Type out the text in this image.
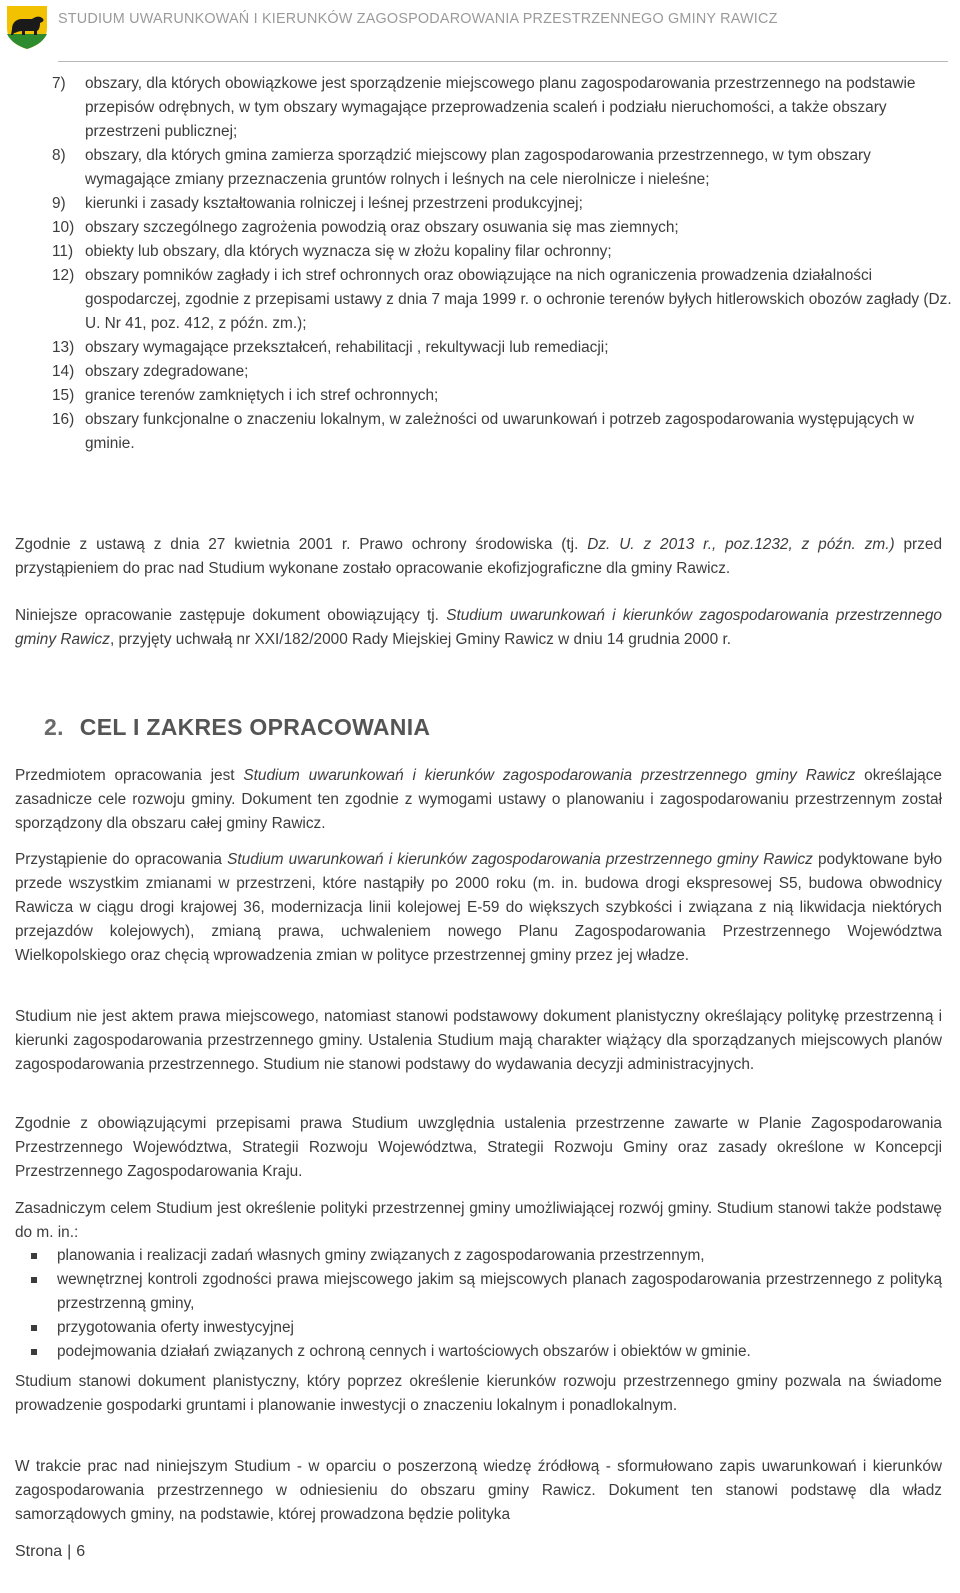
STUDIUM UWARUNKOWAŃ I KIERUNKÓW ZAGOSPODAROWANIA PRZESTRZENNEGO GMINY RAWICZ
7) obszary, dla których obowiązkowe jest sporządzenie miejscowego planu zagospodarowania przestrzennego na podstawie przepisów odrębnych, w tym obszary wymagające przeprowadzenia scaleń i podziału nieruchomości, a także obszary przestrzeni publicznej;
8) obszary, dla których gmina zamierza sporządzić miejscowy plan zagospodarowania przestrzennego, w tym obszary wymagające zmiany przeznaczenia gruntów rolnych i leśnych na cele nierolnicze i nieleśne;
9) kierunki i zasady kształtowania rolniczej i leśnej przestrzeni produkcyjnej;
10) obszary szczególnego zagrożenia powodzią oraz obszary osuwania się mas ziemnych;
11) obiekty lub obszary, dla których wyznacza się w złożu kopaliny filar ochronny;
12) obszary pomników zagłady i ich stref ochronnych oraz obowiązujące na nich ograniczenia prowadzenia działalności gospodarczej, zgodnie z przepisami ustawy z dnia 7 maja 1999 r. o ochronie terenów byłych hitlerowskich obozów zagłady (Dz. U. Nr 41, poz. 412, z późn. zm.);
13) obszary wymagające przekształceń, rehabilitacji , rekultywacji lub remediacji;
14) obszary zdegradowane;
15) granice terenów zamkniętych i ich stref ochronnych;
16) obszary funkcjonalne o znaczeniu lokalnym, w zależności od uwarunkowań i potrzeb zagospodarowania występujących w gminie.

Zgodnie z ustawą z dnia 27 kwietnia 2001 r. Prawo ochrony środowiska (tj. Dz. U. z 2013 r., poz.1232, z późn. zm.) przed przystąpieniem do prac nad Studium wykonane zostało opracowanie ekofizjograficzne dla gminy Rawicz.

Niniejsze opracowanie zastępuje dokument obowiązujący tj. Studium uwarunkowań i kierunków zagospodarowania przestrzennego gminy Rawicz, przyjęty uchwałą nr XXI/182/2000 Rady Miejskiej Gminy Rawicz w dniu 14 grudnia 2000 r.

2. CEL I ZAKRES OPRACOWANIA

Przedmiotem opracowania jest Studium uwarunkowań i kierunków zagospodarowania przestrzennego gminy Rawicz określające zasadnicze cele rozwoju gminy. Dokument ten zgodnie z wymogami ustawy o planowaniu i zagospodarowaniu przestrzennym został sporządzony dla obszaru całej gminy Rawicz.

Przystąpienie do opracowania Studium uwarunkowań i kierunków zagospodarowania przestrzennego gminy Rawicz podyktowane było przede wszystkim zmianami w przestrzeni, które nastąpiły po 2000 roku (m. in. budowa drogi ekspresowej S5, budowa obwodnicy Rawicza w ciągu drogi krajowej 36, modernizacja linii kolejowej E-59 do większych szybkości i związana z nią likwidacja niektórych przejazdów kolejowych), zmianą prawa, uchwaleniem nowego Planu Zagospodarowania Przestrzennego Województwa Wielkopolskiego oraz chęcią wprowadzenia zmian w polityce przestrzennej gminy przez jej władze.

Studium nie jest aktem prawa miejscowego, natomiast stanowi podstawowy dokument planistyczny określający politykę przestrzenną i kierunki zagospodarowania przestrzennego gminy. Ustalenia Studium mają charakter wiążący dla sporządzanych miejscowych planów zagospodarowania przestrzennego. Studium nie stanowi podstawy do wydawania decyzji administracyjnych.

Zgodnie z obowiązującymi przepisami prawa Studium uwzględnia ustalenia przestrzenne zawarte w Planie Zagospodarowania Przestrzennego Województwa, Strategii Rozwoju Województwa, Strategii Rozwoju Gminy oraz zasady określone w Koncepcji Przestrzennego Zagospodarowania Kraju.

Zasadniczym celem Studium jest określenie polityki przestrzennej gminy umożliwiającej rozwój gminy. Studium stanowi także podstawę do m. in.:

planowania i realizacji zadań własnych gminy związanych z zagospodarowania przestrzennym,
wewnętrznej kontroli zgodności prawa miejscowego jakim są miejscowych planach zagospodarowania przestrzennego z polityką przestrzenną gminy,
przygotowania oferty inwestycyjnej
podejmowania działań związanych z ochroną cennych i wartościowych obszarów i obiektów w gminie.

Studium stanowi dokument planistyczny, który poprzez określenie kierunków rozwoju przestrzennego gminy pozwala na świadome prowadzenie gospodarki gruntami i planowanie inwestycji o znaczeniu lokalnym i ponadlokalnym.

W trakcie prac nad niniejszym Studium - w oparciu o poszerzoną wiedzę źródłową - sformułowano zapis uwarunkowań i kierunków zagospodarowania przestrzennego w odniesieniu do obszaru gminy Rawicz. Dokument ten stanowi podstawę dla władz samorządowych gminy, na podstawie, której prowadzona będzie polityka

Strona | 6
